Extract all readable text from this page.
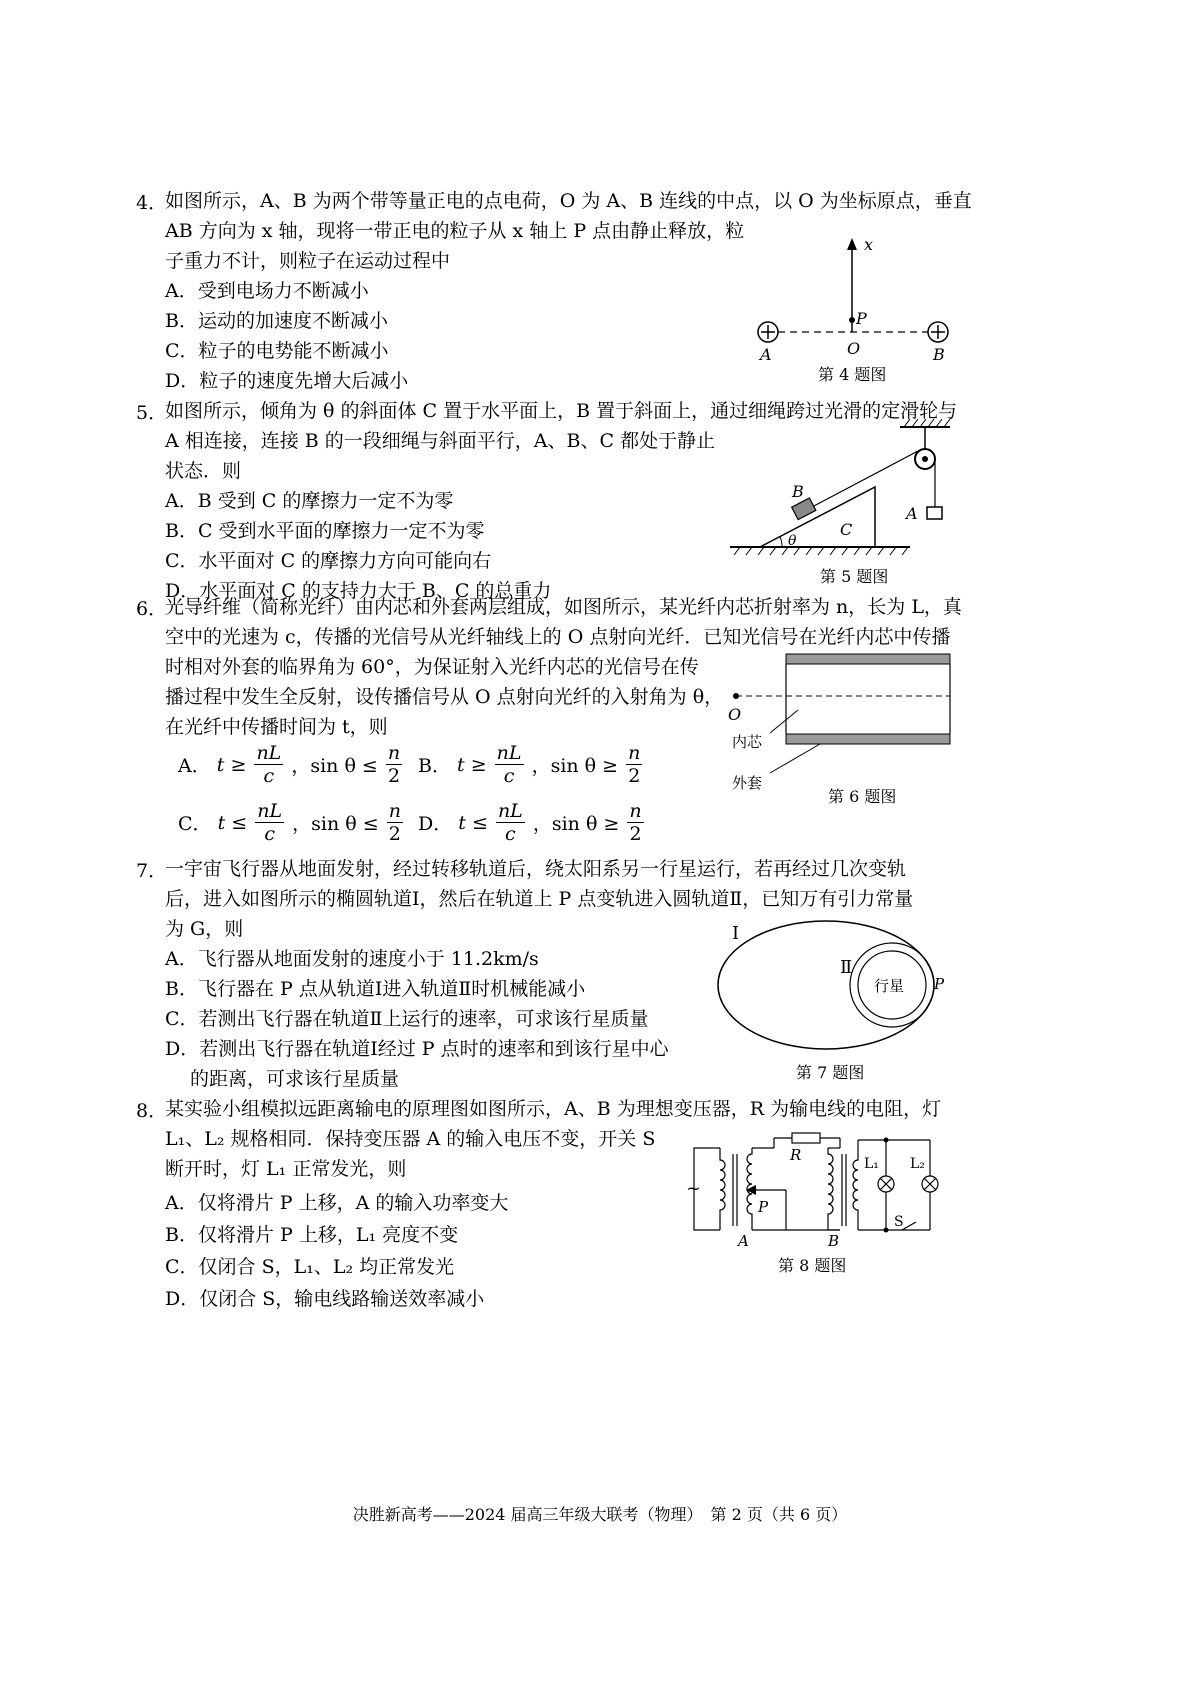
4．
如图所示，A、B 为两个带等量正电的点电荷，O 为 A、B 连线的中点，以 O 为坐标原点，垂直
AB 方向为 x 轴，现将一带正电的粒子从 x 轴上 P 点由静止释放，粒
子重力不计，则粒子在运动过程中
A．受到电场力不断减小
B．运动的加速度不断减小
C．粒子的电势能不断减小
D．粒子的速度先增大后减小
x
P
O
A	B
第 4 题图
5．
如图所示，倾角为 θ 的斜面体 C 置于水平面上，B 置于斜面上，通过细绳跨过光滑的定滑轮与
A 相连接，连接 B 的一段细绳与斜面平行，A、B、C 都处于静止
状态．则
A．B 受到 C 的摩擦力一定不为零
B．C 受到水平面的摩擦力一定不为零
C．水平面对 C 的摩擦力方向可能向右
D．水平面对 C 的支持力大于 B、C 的总重力
A
B
C
θ
第 5 题图
6．
光导纤维（简称光纤）由内芯和外套两层组成，如图所示，某光纤内芯折射率为 n，长为 L，真
空中的光速为 c，传播的光信号从光纤轴线上的 O 点射向光纤．已知光信号在光纤内芯中传播
时相对外套的临界角为 60°，为保证射入光纤内芯的光信号在传
播过程中发生全反射，设传播信号从 O 点射向光纤的入射角为 θ，
在光纤中传播时间为 t，则
A． $t \ge \frac{nL}{c}$ ，$\sin \theta \le \frac{n}{2}$ B． $t \ge \frac{nL}{c}$ ，$\sin \theta \ge \frac{n}{2}$
C． $t \le \frac{nL}{c}$ ，$\sin \theta \le \frac{n}{2}$ D． $t \le \frac{nL}{c}$ ，$\sin \theta \ge \frac{n}{2}$
O
内芯
外套
第 6 题图
7．
一宇宙飞行器从地面发射，经过转移轨道后，绕太阳系另一行星运行，若再经过几次变轨
后，进入如图所示的椭圆轨道Ⅰ，然后在轨道上 P 点变轨进入圆轨道Ⅱ，已知万有引力常量
为 G，则
A．飞行器从地面发射的速度小于 11.2km/s
B．飞行器在 P 点从轨道Ⅰ进入轨道Ⅱ时机械能减小
C．若测出飞行器在轨道Ⅱ上运行的速率，可求该行星质量
D．若测出飞行器在轨道Ⅰ经过 P 点时的速率和到该行星中心
的距离，可求该行星质量
行星 P
Ⅰ
Ⅱ
第 7 题图
8．
某实验小组模拟远距离输电的原理图如图所示，A、B 为理想变压器，R 为输电线的电阻，灯
L₁、L₂ 规格相同．保持变压器 A 的输入电压不变，开关 S
断开时，灯 L₁ 正常发光，则
A．仅将滑片 P 上移，A 的输入功率变大
B．仅将滑片 P 上移，L₁ 亮度不变
C．仅闭合 S，L₁、L₂ 均正常发光
D．仅闭合 S，输电线路输送效率减小
~
P
A
R
B
L₁ L₂
S
第 8 题图
决胜新高考——2024 届高三年级大联考（物理）　第 2 页（共 6 页）
